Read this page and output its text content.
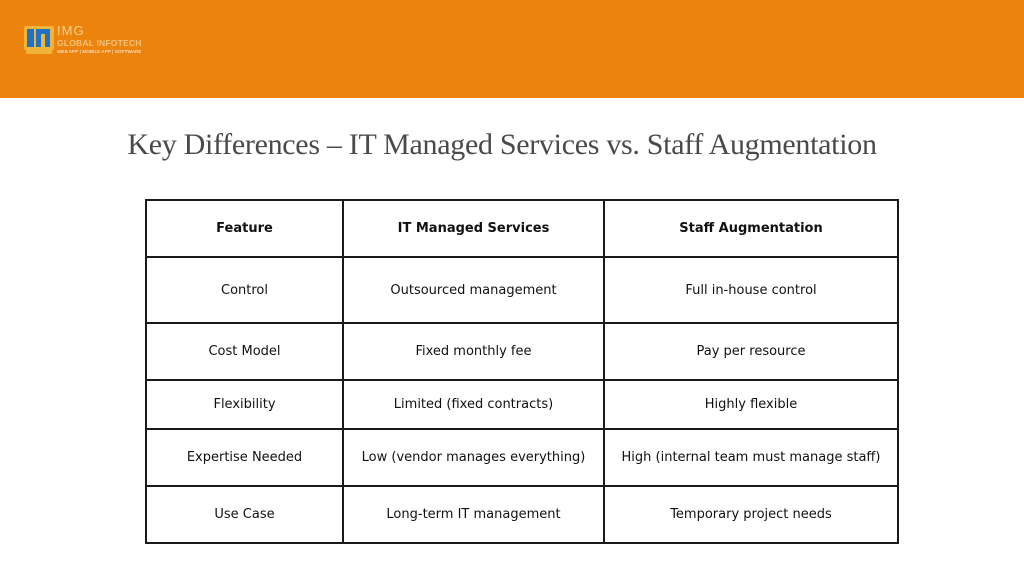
IMG
GLOBAL INFOTECH
WEB APP | MOBILE APP | SOFTWARE
Key Differences – IT Managed Services vs. Staff Augmentation
Feature	IT Managed Services	Staff Augmentation
Control	Outsourced management	Full in-house control
Cost Model	Fixed monthly fee	Pay per resource
Flexibility	Limited (fixed contracts)	Highly flexible
Expertise Needed	Low (vendor manages everything)	High (internal team must manage staff)
Use Case	Long-term IT management	Temporary project needs
